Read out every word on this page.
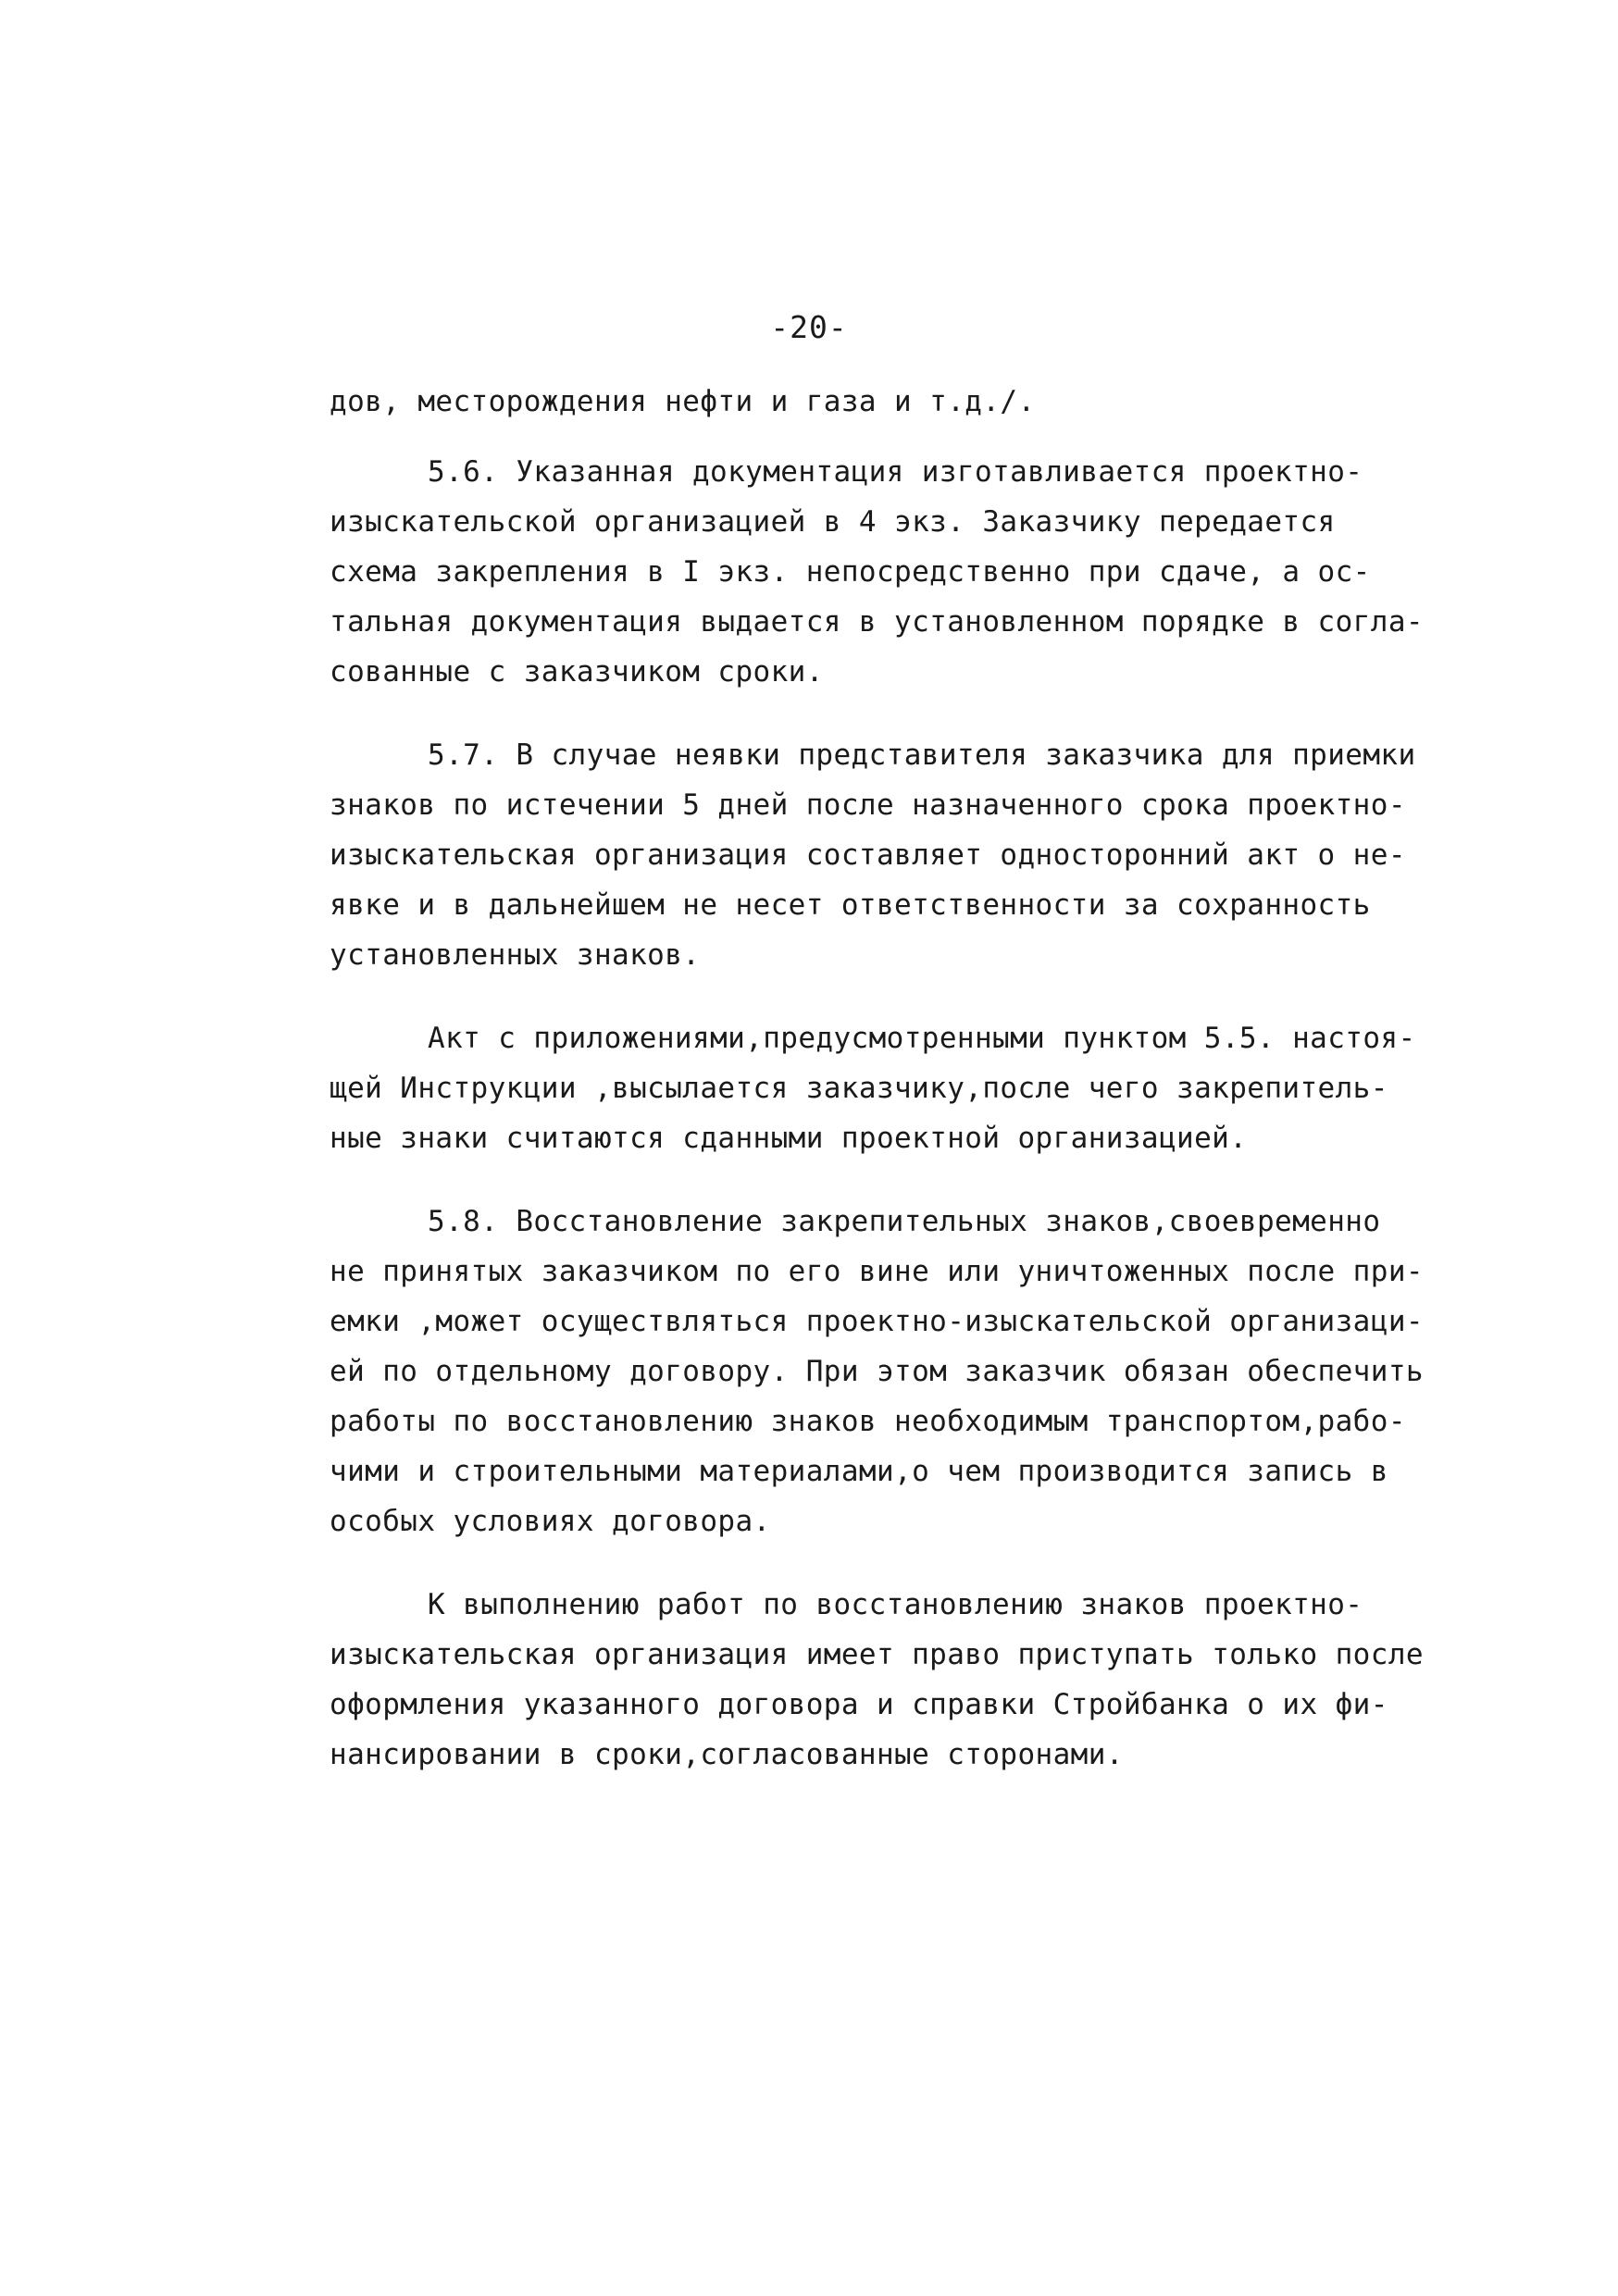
-20-
дов, месторождения нефти и газа и т.д./.
5.6. Указанная документация изготавливается проектно-
изыскательской организацией в 4 экз. Заказчику передается
схема закрепления в I экз. непосредственно при сдаче, а ос-
тальная документация выдается в установленном порядке в согла-
сованные с заказчиком сроки.
5.7. В случае неявки представителя заказчика для приемки
знаков по истечении 5 дней после назначенного срока проектно-
изыскательская организация составляет односторонний акт о не-
явке и в дальнейшем не несет ответственности за сохранность
установленных знаков.
Акт с приложениями,предусмотренными пунктом 5.5. настоя-
щей Инструкции ,высылается заказчику,после чего закрепитель-
ные знаки считаются сданными проектной организацией.
5.8. Восстановление закрепительных знаков,своевременно
не принятых заказчиком по его вине или уничтоженных после при-
емки ,может осуществляться проектно-изыскательской организаци-
ей по отдельному договору. При этом заказчик обязан обеспечить
работы по восстановлению знаков необходимым транспортом,рабо-
чими и строительными материалами,о чем производится запись в
особых условиях договора.
К выполнению работ по восстановлению знаков проектно-
изыскательская организация имеет право приступать только после
оформления указанного договора и справки Стройбанка о их фи-
нансировании в сроки,согласованные сторонами.
